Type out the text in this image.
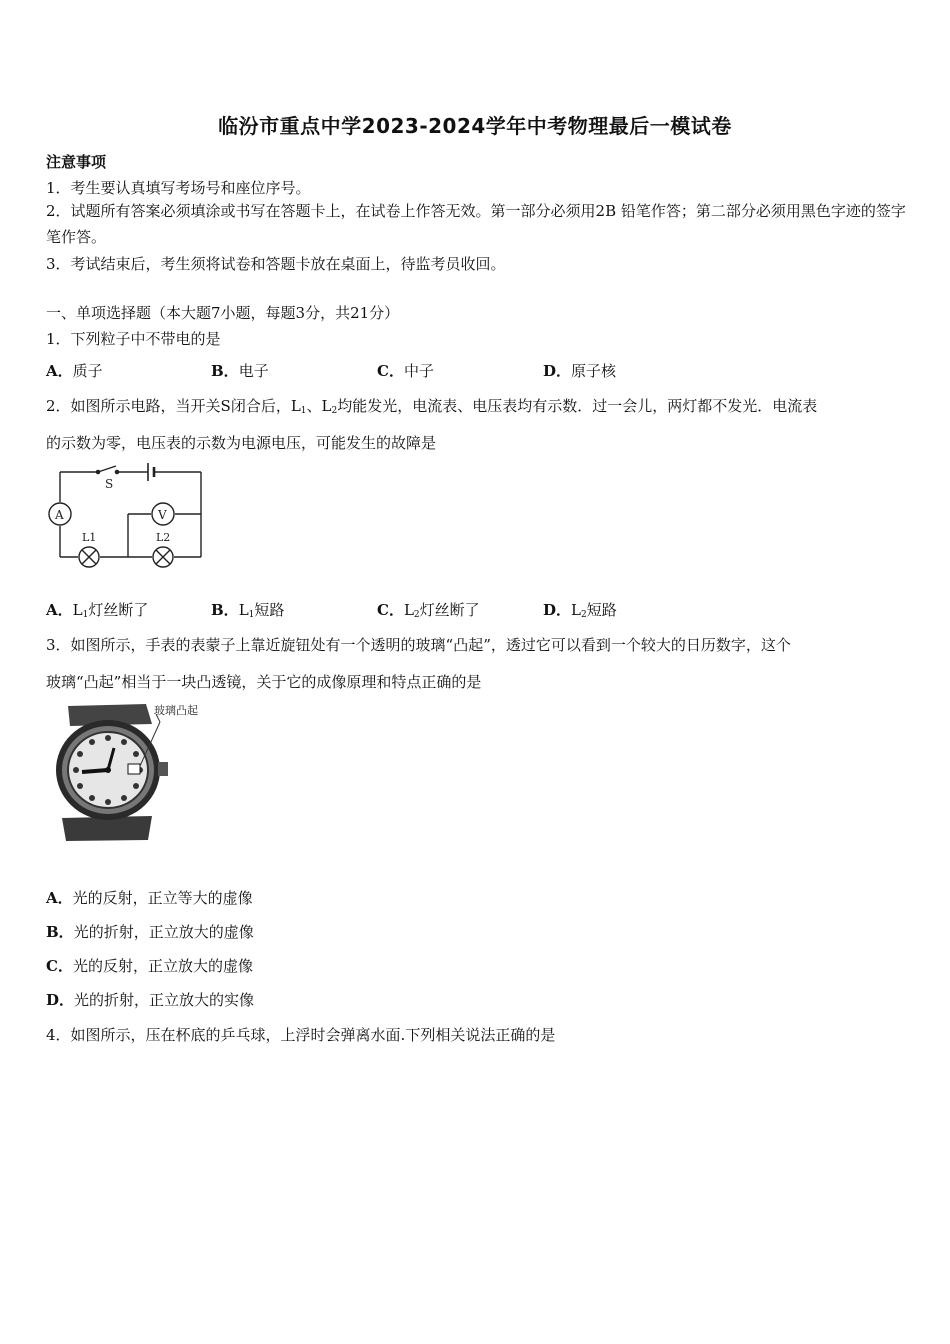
临汾市重点中学2023-2024学年中考物理最后一模试卷
注意事项
1．考生要认真填写考场号和座位序号。
2．试题所有答案必须填涂或书写在答题卡上，在试卷上作答无效。第一部分必须用2B 铅笔作答；第二部分必须用黑色字迹的签字笔作答。
3．考试结束后，考生须将试卷和答题卡放在桌面上，待监考员收回。
一、单项选择题（本大题7小题，每题3分，共21分）
1．下列粒子中不带电的是
A．质子	B．电子	C．中子	D．原子核
2．如图所示电路，当开关S闭合后，$L_1$、$L_2$均能发光，电流表、电压表均有示数．过一会儿，两灯都不发光．电流表
的示数为零，电压表的示数为电源电压，可能发生的故障是
S
A	V
L1	L2
A．$L_1$灯丝断了	B．$L_1$短路	C．$L_2$灯丝断了	D．$L_2$短路
3．如图所示，手表的表蒙子上靠近旋钮处有一个透明的玻璃“凸起”，透过它可以看到一个较大的日历数字，这个
玻璃“凸起”相当于一块凸透镜，关于它的成像原理和特点正确的是
玻璃凸起
A．光的反射，正立等大的虚像
B．光的折射，正立放大的虚像
C．光的反射，正立放大的虚像
D．光的折射，正立放大的实像
4．如图所示，压在杯底的乒乓球，上浮时会弹离水面.下列相关说法正确的是
